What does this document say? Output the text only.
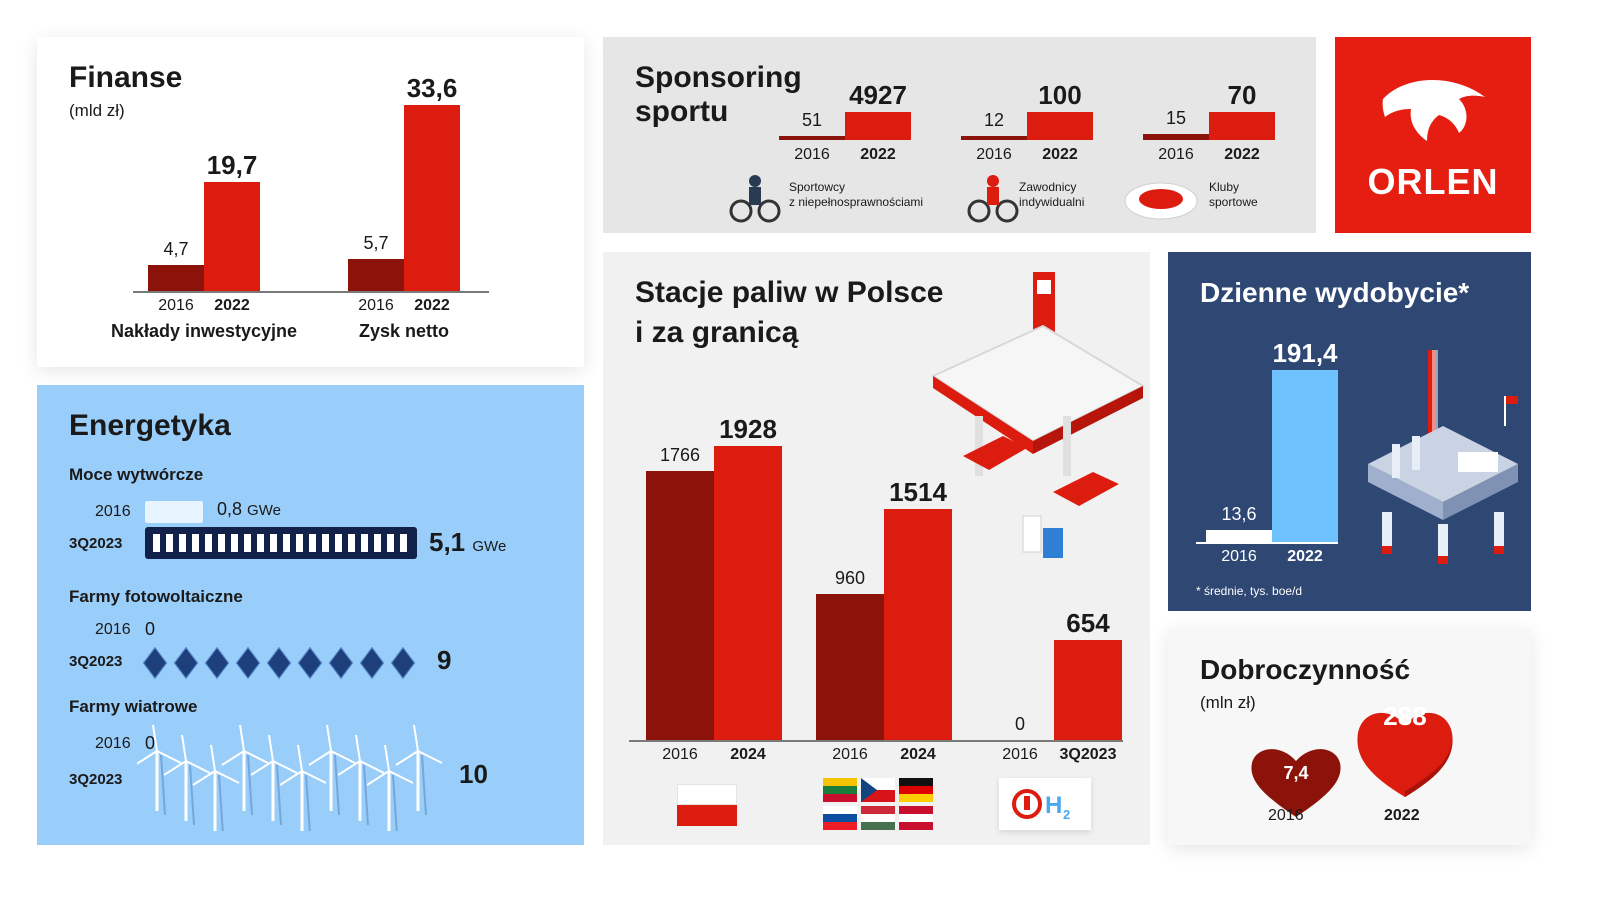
Finanse
(mld zł)
4,7
2016
19,7
2022
Nakłady inwestycyjne
5,7
2016
33,6
2022
Zysk netto
Sponsoring
sportu	51
2016
4927
2022
12
2016
100
2022
15
2016
70
2022
Sportowcy
z niepełnosprawnościami
Zawodnicy
indywidualni
Kluby
sportowe	ORLEN
Energetyka
Moce wytwórcze
2016	0,8 GWe
3Q2023	5,1 GWe
Farmy fotowoltaiczne
2016 0
3Q2023	9
Farmy wiatrowe
2016 0
3Q2023	10
Stacje paliw w Polsce
i za granicą
1766
2016
1928
2024
960
2016
1514
2024
0
2016
654
3Q2023
H 2
Dzienne wydobycie*
13,6
2016
191,4
2022
* średnie, tys. boe/d
Dobroczynność
(mln zł)
7,4
288
2016	2022
